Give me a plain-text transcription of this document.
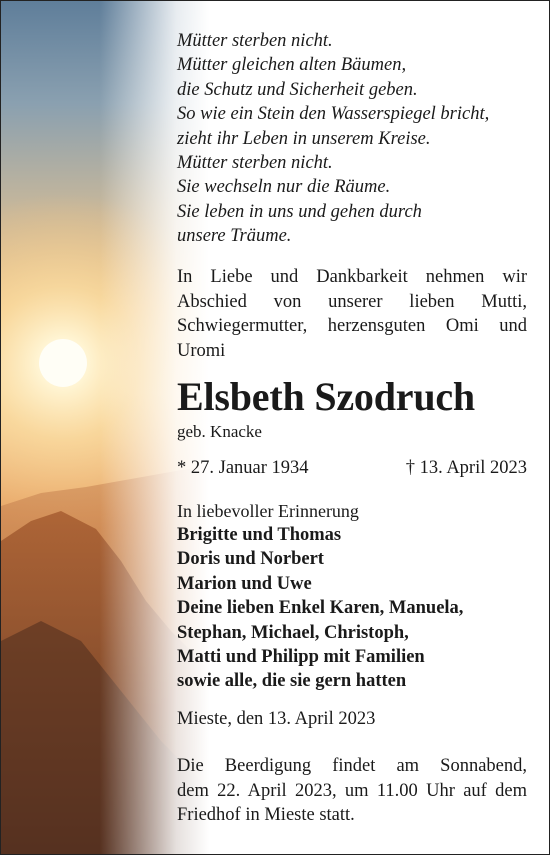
Mütter sterben nicht.
Mütter gleichen alten Bäumen,
die Schutz und Sicherheit geben.
So wie ein Stein den Wasserspiegel bricht,
zieht ihr Leben in unserem Kreise.
Mütter sterben nicht.
Sie wechseln nur die Räume.
Sie leben in uns und gehen durch
unsere Träume.
In Liebe und Dankbarkeit nehmen wir
Abschied von unserer lieben Mutti,
Schwiegermutter, herzensguten Omi und
Uromi
Elsbeth Szodruch
geb. Knacke
* 27. Januar 1934	† 13. April 2023
In liebevoller Erinnerung
Brigitte und Thomas
Doris und Norbert
Marion und Uwe
Deine lieben Enkel Karen, Manuela,
Stephan, Michael, Christoph,
Matti und Philipp mit Familien
sowie alle, die sie gern hatten
Mieste, den 13. April 2023
Die Beerdigung findet am Sonnabend,
dem 22. April 2023, um 11.00 Uhr auf dem
Friedhof in Mieste statt.
